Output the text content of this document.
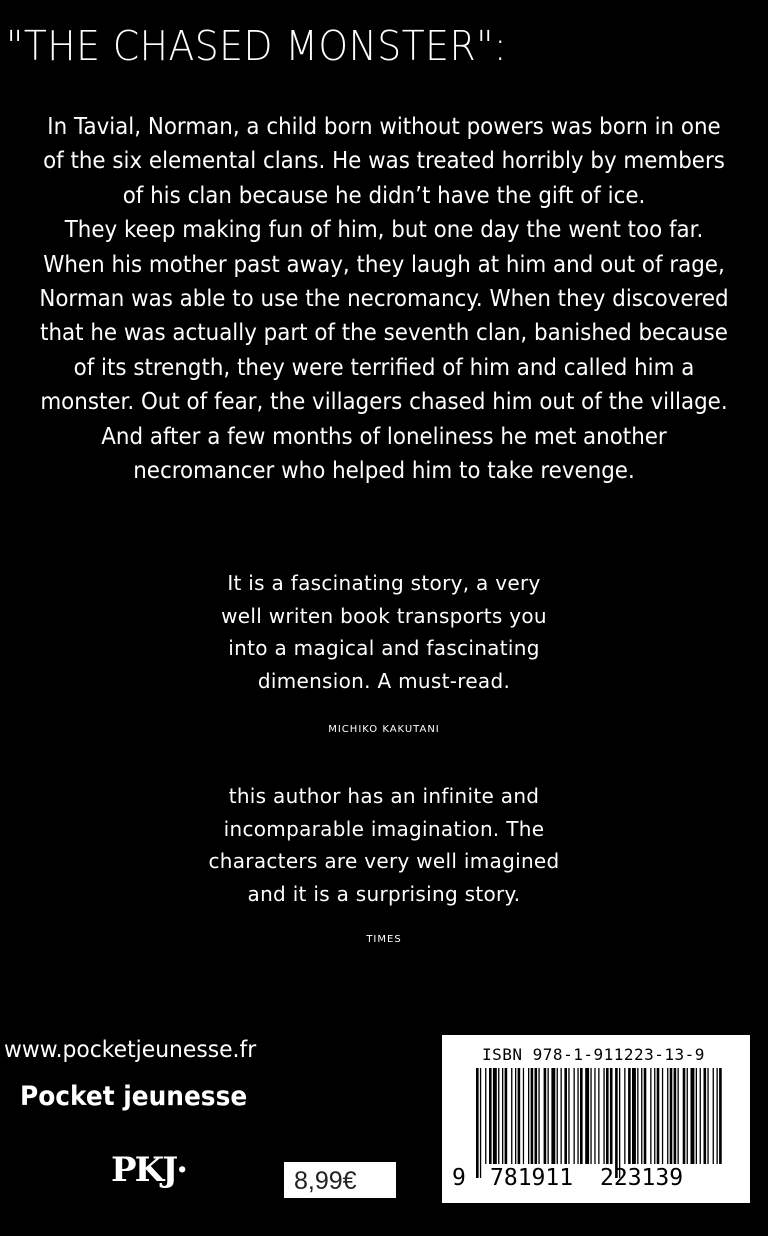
"THE CHASED MONSTER":
In Tavial, Norman, a child born without powers was born in one
of the six elemental clans. He was treated horribly by members
of his clan because he didn’t have the gift of ice.
They keep making fun of him, but one day the went too far.
When his mother past away, they laugh at him and out of rage,
Norman was able to use the necromancy. When they discovered
that he was actually part of the seventh clan, banished because
of its strength, they were terrified of him and called him a
monster. Out of fear, the villagers chased him out of the village.
And after a few months of loneliness he met another
necromancer who helped him to take revenge.
It is a fascinating story, a very
well writen book transports you
into a magical and fascinating
dimension. A must-read.
MICHIKO KAKUTANI
this author has an infinite and
incomparable imagination. The
characters are very well imagined
and it is a surprising story.
TIMES
www.pocketjeunesse.fr
Pocket jeunesse
PKJ·	8,99€
ISBN 978-1-911223-13-9
9 781911 223139
